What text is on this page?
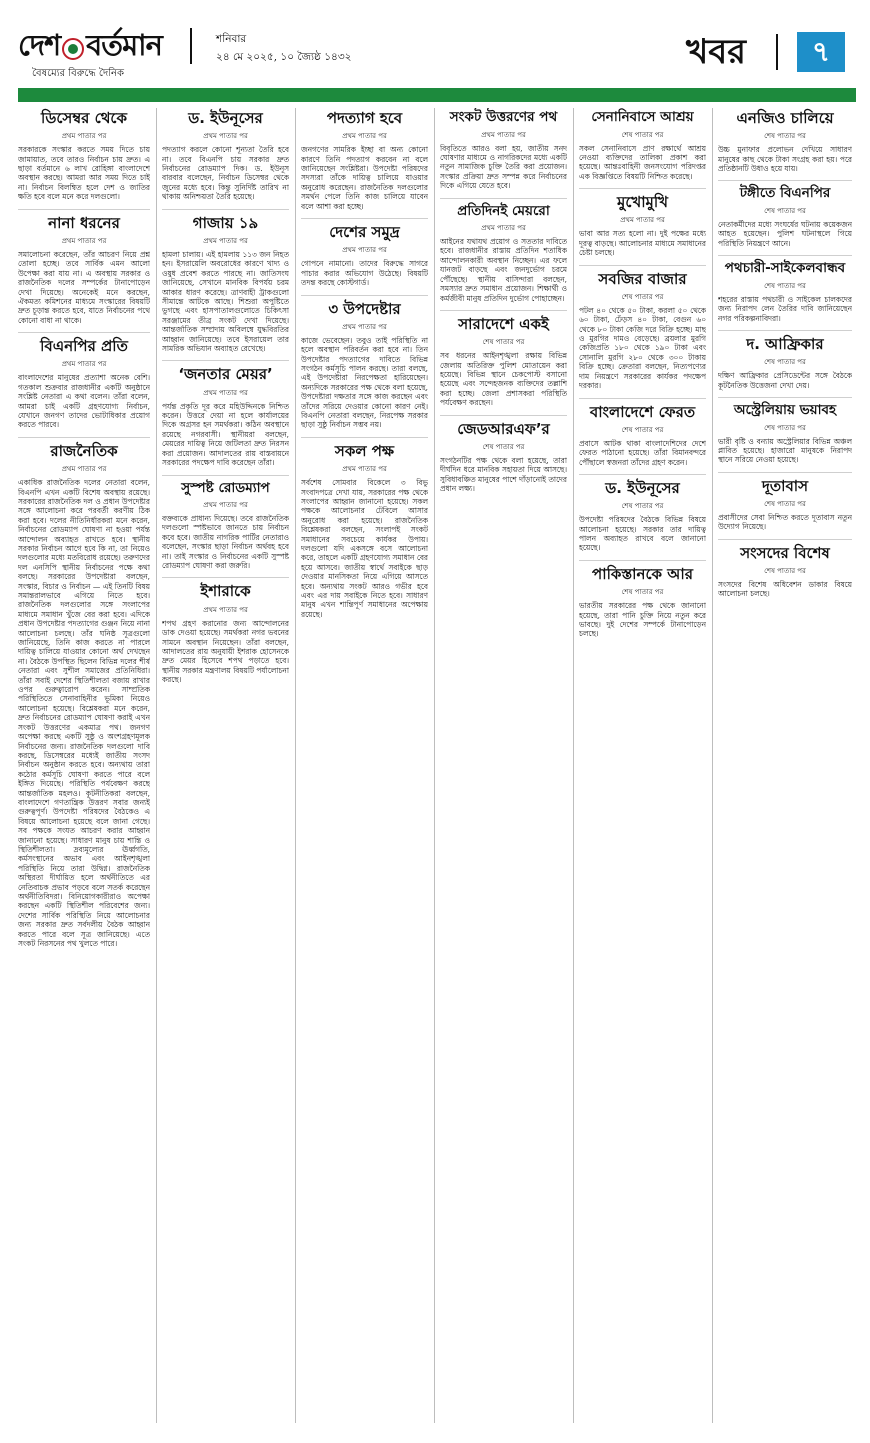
দেশ বর্তমান
বৈষম্যের বিরুদ্ধে দৈনিক
শনিবার
২৪ মে ২০২৫, ১০ জ্যৈষ্ঠ ১৪৩২	খবর	৭
ডিসেম্বর থেকে
প্রথম পাতার পর
সরকারকে সংস্কার করতে সময় দিতে চায় জামায়াত, তবে তারও নির্বাচন চায় দ্রুত। এ ছাড়া বর্তমানে ৬ লাখ রোহিঙ্গা বাংলাদেশে অবস্থান করছে। আমরা আর সময় দিতে চাই না। নির্বাচন বিলম্বিত হলে দেশ ও জাতির ক্ষতি হবে বলে মনে করে দলগুলো।
নানা ধরনের
প্রথম পাতার পর
সমালোচনা করেছেন, তাঁর আচরণ নিয়ে প্রশ্ন তোলা হচ্ছে। তবে সার্বিক এমন আলো উপেক্ষা করা যায় না। এ অবস্থায় সরকার ও রাজনৈতিক দলের সম্পর্কের টানাপোড়েন দেখা দিয়েছে। অনেকেই মনে করছেন, ঐকমত্য কমিশনের মাধ্যমে সংস্কারের বিষয়টি দ্রুত চূড়ান্ত করতে হবে, যাতে নির্বাচনের পথে কোনো বাধা না থাকে।
বিএনপির প্রতি
প্রথম পাতার পর
বাংলাদেশের মানুষের প্রত্যাশা অনেক বেশি। গতকাল শুক্রবার রাজধানীর একটি অনুষ্ঠানে সংশ্লিষ্ট নেতারা এ কথা বলেন। তাঁরা বলেন, আমরা চাই একটি গ্রহণযোগ্য নির্বাচন, যেখানে জনগণ তাদের ভোটাধিকার প্রয়োগ করতে পারবে।
রাজনৈতিক
প্রথম পাতার পর
একাধিক রাজনৈতিক দলের নেতারা বলেন, বিএনপি এখন একটি বিশেষ অবস্থায় রয়েছে। সরকারের রাজনৈতিক দল ও প্রধান উপদেষ্টার সঙ্গে আলোচনা করে পরবর্তী করণীয় ঠিক করা হবে। দলের নীতিনির্ধারকরা মনে করেন, নির্বাচনের রোডম্যাপ ঘোষণা না হওয়া পর্যন্ত আন্দোলন অব্যাহত রাখতে হবে। স্থানীয় সরকার নির্বাচন আগে হবে কি না, তা নিয়েও দলগুলোর মধ্যে মতবিরোধ রয়েছে। তরুণদের দল এনসিপি স্থানীয় নির্বাচনের পক্ষে কথা বলছে। সরকারের উপদেষ্টারা বলছেন, সংস্কার, বিচার ও নির্বাচন — এই তিনটি বিষয় সমান্তরালভাবে এগিয়ে নিতে হবে। রাজনৈতিক দলগুলোর সঙ্গে সংলাপের মাধ্যমে সমাধান খুঁজে বের করা হবে। এদিকে প্রধান উপদেষ্টার পদত্যাগের গুঞ্জন নিয়ে নানা আলোচনা চলছে। তাঁর ঘনিষ্ঠ সূত্রগুলো জানিয়েছে, তিনি কাজ করতে না পারলে দায়িত্ব চালিয়ে যাওয়ার কোনো অর্থ দেখছেন না। বৈঠকে উপস্থিত ছিলেন বিভিন্ন দলের শীর্ষ নেতারা এবং সুশীল সমাজের প্রতিনিধিরা। তাঁরা সবাই দেশের স্থিতিশীলতা বজায় রাখার ওপর গুরুত্বারোপ করেন। সাম্প্রতিক পরিস্থিতিতে সেনাবাহিনীর ভূমিকা নিয়েও আলোচনা হয়েছে। বিশ্লেষকরা মনে করেন, দ্রুত নির্বাচনের রোডম্যাপ ঘোষণা করাই এখন সংকট উত্তরণের একমাত্র পথ। জনগণ অপেক্ষা করছে একটি সুষ্ঠু ও অংশগ্রহণমূলক নির্বাচনের জন্য। রাজনৈতিক দলগুলো দাবি করছে, ডিসেম্বরের মধ্যেই জাতীয় সংসদ নির্বাচন অনুষ্ঠান করতে হবে। অন্যথায় তারা কঠোর কর্মসূচি ঘোষণা করতে পারে বলে ইঙ্গিত দিয়েছে। পরিস্থিতি পর্যবেক্ষণ করছে আন্তর্জাতিক মহলও। কূটনীতিকরা বলছেন, বাংলাদেশে গণতান্ত্রিক উত্তরণ সবার জন্যই গুরুত্বপূর্ণ। উপদেষ্টা পরিষদের বৈঠকেও এ বিষয়ে আলোচনা হয়েছে বলে জানা গেছে। সব পক্ষকে সংযত আচরণ করার আহ্বান জানানো হয়েছে। সাধারণ মানুষ চায় শান্তি ও স্থিতিশীলতা। দ্রব্যমূল্যের ঊর্ধ্বগতি, কর্মসংস্থানের অভাব এবং আইনশৃঙ্খলা পরিস্থিতি নিয়ে তারা উদ্বিগ্ন। রাজনৈতিক অস্থিরতা দীর্ঘায়িত হলে অর্থনীতিতে এর নেতিবাচক প্রভাব পড়বে বলে সতর্ক করেছেন অর্থনীতিবিদরা। বিনিয়োগকারীরাও অপেক্ষা করছেন একটি স্থিতিশীল পরিবেশের জন্য। দেশের সার্বিক পরিস্থিতি নিয়ে আলোচনার জন্য সরকার দ্রুত সর্বদলীয় বৈঠক আহ্বান করতে পারে বলে সূত্র জানিয়েছে। এতে সংকট নিরসনের পথ খুলতে পারে।
ড. ইউনূসের
প্রথম পাতার পর
পদত্যাগ করলে কোনো শূন্যতা তৈরি হবে না। তবে বিএনপি চায় সরকার দ্রুত নির্বাচনের রোডম্যাপ দিক। ড. ইউনূস বারবার বলেছেন, নির্বাচন ডিসেম্বর থেকে জুনের মধ্যে হবে। কিন্তু সুনির্দিষ্ট তারিখ না থাকায় অনিশ্চয়তা তৈরি হয়েছে।
গাজায় ১৯
প্রথম পাতার পর
হামলা চালায়। এই হামলায় ১১৩ জন নিহত হন। ইসরায়েলি অবরোধের কারণে খাদ্য ও ওষুধ প্রবেশ করতে পারছে না। জাতিসংঘ জানিয়েছে, সেখানে মানবিক বিপর্যয় চরম আকার ধারণ করেছে। ত্রাণবাহী ট্রাকগুলো সীমান্তে আটকে আছে। শিশুরা অপুষ্টিতে ভুগছে এবং হাসপাতালগুলোতে চিকিৎসা সরঞ্জামের তীব্র সংকট দেখা দিয়েছে। আন্তর্জাতিক সম্প্রদায় অবিলম্বে যুদ্ধবিরতির আহ্বান জানিয়েছে। তবে ইসরায়েল তার সামরিক অভিযান অব্যাহত রেখেছে।
‘জনতার মেয়র’
প্রথম পাতার পর
পর্যন্ত প্রকৃতি দূর করে মহিউদ্দিনকে নিশ্চিত করেন। উত্তরে দেয়া না হলে কার্যালয়ের দিকে অগ্রসর হন সমর্থকরা। কঠিন অবস্থানে রয়েছে নগরবাসী। স্থানীয়রা বলছেন, মেয়রের দায়িত্ব নিয়ে জটিলতা দ্রুত নিরসন করা প্রয়োজন। আদালতের রায় বাস্তবায়নে সরকারের পদক্ষেপ দাবি করেছেন তাঁরা।
সুস্পষ্ট রোডম্যাপ
প্রথম পাতার পর
বক্তব্যকে প্রাধান্য দিয়েছে। তবে রাজনৈতিক দলগুলো স্পষ্টভাবে জানতে চায় নির্বাচন কবে হবে। জাতীয় নাগরিক পার্টির নেতারাও বলেছেন, সংস্কার ছাড়া নির্বাচন অর্থবহ হবে না। তাই সংস্কার ও নির্বাচনের একটি সুস্পষ্ট রোডম্যাপ ঘোষণা করা জরুরি।
ইশারাকে
প্রথম পাতার পর
শপথ গ্রহণ করানোর জন্য আন্দোলনের ডাক দেওয়া হয়েছে। সমর্থকরা নগর ভবনের সামনে অবস্থান নিয়েছেন। তাঁরা বলছেন, আদালতের রায় অনুযায়ী ইশরাক হোসেনকে দ্রুত মেয়র হিসেবে শপথ পড়াতে হবে। স্থানীয় সরকার মন্ত্রণালয় বিষয়টি পর্যালোচনা করছে।
পদত্যাগ হবে
প্রথম পাতার পর
জনগণের সামরিক ইচ্ছা বা অন্য কোনো কারণে তিনি পদত্যাগ করবেন না বলে জানিয়েছেন সংশ্লিষ্টরা। উপদেষ্টা পরিষদের সদস্যরা তাঁকে দায়িত্ব চালিয়ে যাওয়ার অনুরোধ করেছেন। রাজনৈতিক দলগুলোর সমর্থন পেলে তিনি কাজ চালিয়ে যাবেন বলে আশা করা হচ্ছে।
দেশের সমুদ্র
প্রথম পাতার পর
গোপনে নামানো। তাদের বিরুদ্ধে সাগরে পাচার করার অভিযোগ উঠেছে। বিষয়টি তদন্ত করছে কোস্টগার্ড।
৩ উপদেষ্টার
প্রথম পাতার পর
কাজে ভেবেছেন। তবুও তাই পরিস্থিতি না হলে অবস্থান পরিবর্তন করা হবে না। তিন উপদেষ্টার পদত্যাগের দাবিতে বিভিন্ন সংগঠন কর্মসূচি পালন করছে। তারা বলছে, এই উপদেষ্টারা নিরপেক্ষতা হারিয়েছেন। অন্যদিকে সরকারের পক্ষ থেকে বলা হয়েছে, উপদেষ্টারা দক্ষতার সঙ্গে কাজ করছেন এবং তাঁদের সরিয়ে দেওয়ার কোনো কারণ নেই। বিএনপি নেতারা বলছেন, নিরপেক্ষ সরকার ছাড়া সুষ্ঠু নির্বাচন সম্ভব নয়।
সকল পক্ষ
প্রথম পাতার পর
সর্বশেষ সোমবার বিকেলে ৩ বিভু সংবাদপত্রে দেখা যায়, সরকারের পক্ষ থেকে সংলাপের আহ্বান জানানো হয়েছে। সকল পক্ষকে আলোচনার টেবিলে আসার অনুরোধ করা হয়েছে। রাজনৈতিক বিশ্লেষকরা বলছেন, সংলাপই সংকট সমাধানের সবচেয়ে কার্যকর উপায়। দলগুলো যদি একসঙ্গে বসে আলোচনা করে, তাহলে একটি গ্রহণযোগ্য সমাধান বের হয়ে আসবে। জাতীয় স্বার্থে সবাইকে ছাড় দেওয়ার মানসিকতা নিয়ে এগিয়ে আসতে হবে। অন্যথায় সংকট আরও গভীর হবে এবং এর দায় সবাইকে নিতে হবে। সাধারণ মানুষ এখন শান্তিপূর্ণ সমাধানের অপেক্ষায় রয়েছে।
সংকট উত্তরণের পথ
প্রথম পাতার পর
বিবৃতিতে আরও বলা হয়, জাতীয় সনদ ঘোষণার মাধ্যমে ও নাগরিকদের মধ্যে একটি নতুন সামাজিক চুক্তি তৈরি করা প্রয়োজন। সংস্কার প্রক্রিয়া দ্রুত সম্পন্ন করে নির্বাচনের দিকে এগিয়ে যেতে হবে।
প্রতিদিনই মেয়রো
প্রথম পাতার পর
আইনের যথাযথ প্রয়োগ ও সততার দাবিতে হবে। রাজধানীর রাস্তায় প্রতিদিন শতাধিক আন্দোলনকারী অবস্থান নিচ্ছেন। এর ফলে যানজট বাড়ছে এবং জনদুর্ভোগ চরমে পৌঁছেছে। স্থানীয় বাসিন্দারা বলছেন, সমস্যার দ্রুত সমাধান প্রয়োজন। শিক্ষার্থী ও কর্মজীবী মানুষ প্রতিদিন দুর্ভোগ পোহাচ্ছেন।
সারাদেশে একই
শেষ পাতার পর
সব ধরনের আইনশৃঙ্খলা রক্ষায় বিভিন্ন জেলায় অতিরিক্ত পুলিশ মোতায়েন করা হয়েছে। বিভিন্ন স্থানে চেকপোস্ট বসানো হয়েছে এবং সন্দেহজনক ব্যক্তিদের তল্লাশি করা হচ্ছে। জেলা প্রশাসকরা পরিস্থিতি পর্যবেক্ষণ করছেন।
জেডআরএফ’র
শেষ পাতার পর
সংগঠনটির পক্ষ থেকে বলা হয়েছে, তারা দীর্ঘদিন ধরে মানবিক সহায়তা দিয়ে আসছে। সুবিধাবঞ্চিত মানুষের পাশে দাঁড়ানোই তাদের প্রধান লক্ষ্য।
সেনানিবাসে আশ্রয়
শেষ পাতার পর
সকল সেনানিবাসে প্রাণ রক্ষার্থে আশ্রয় নেওয়া ব্যক্তিদের তালিকা প্রকাশ করা হয়েছে। আন্তঃবাহিনী জনসংযোগ পরিদপ্তর এক বিজ্ঞপ্তিতে বিষয়টি নিশ্চিত করেছে।
মুখোমুখি
প্রথম পাতার পর
ভাবা আর সত্য হলো না। দুই পক্ষের মধ্যে দূরত্ব বাড়ছে। আলোচনার মাধ্যমে সমাধানের চেষ্টা চলছে।
সবজির বাজার
শেষ পাতার পর
পটল ৪০ থেকে ৫০ টাকা, করলা ৫০ থেকে ৬০ টাকা, ঢেঁড়স ৪০ টাকা, বেগুন ৬০ থেকে ৮০ টাকা কেজি দরে বিক্রি হচ্ছে। মাছ ও মুরগির দামও বেড়েছে। ব্রয়লার মুরগি কেজিপ্রতি ১৮০ থেকে ১৯০ টাকা এবং সোনালি মুরগি ২৮০ থেকে ৩০০ টাকায় বিক্রি হচ্ছে। ক্রেতারা বলছেন, নিত্যপণ্যের দাম নিয়ন্ত্রণে সরকারের কার্যকর পদক্ষেপ দরকার।
বাংলাদেশে ফেরত
শেষ পাতার পর
প্রবাসে আটক থাকা বাংলাদেশিদের দেশে ফেরত পাঠানো হয়েছে। তাঁরা বিমানবন্দরে পৌঁছালে স্বজনরা তাঁদের গ্রহণ করেন।
ড. ইউনূসের
শেষ পাতার পর
উপদেষ্টা পরিষদের বৈঠকে বিভিন্ন বিষয়ে আলোচনা হয়েছে। সরকার তার দায়িত্ব পালন অব্যাহত রাখবে বলে জানানো হয়েছে।
পাকিস্তানকে আর
শেষ পাতার পর
ভারতীয় সরকারের পক্ষ থেকে জানানো হয়েছে, তারা পানি চুক্তি নিয়ে নতুন করে ভাবছে। দুই দেশের সম্পর্কে টানাপোড়েন চলছে।
এনজিও চালিয়ে
শেষ পাতার পর
উচ্চ মুনাফার প্রলোভন দেখিয়ে সাধারণ মানুষের কাছ থেকে টাকা সংগ্রহ করা হয়। পরে প্রতিষ্ঠানটি উধাও হয়ে যায়।
টঙ্গীতে বিএনপির
শেষ পাতার পর
নেতাকর্মীদের মধ্যে সংঘর্ষের ঘটনায় কয়েকজন আহত হয়েছেন। পুলিশ ঘটনাস্থলে গিয়ে পরিস্থিতি নিয়ন্ত্রণে আনে।
পথচারী-সাইকেলবান্ধব
শেষ পাতার পর
শহরের রাস্তায় পথচারী ও সাইকেল চালকদের জন্য নিরাপদ লেন তৈরির দাবি জানিয়েছেন নগর পরিকল্পনাবিদরা।
দ. আফ্রিকার
শেষ পাতার পর
দক্ষিণ আফ্রিকার প্রেসিডেন্টের সঙ্গে বৈঠকে কূটনৈতিক উত্তেজনা দেখা দেয়।
অস্ট্রেলিয়ায় ভয়াবহ
শেষ পাতার পর
ভারী বৃষ্টি ও বন্যায় অস্ট্রেলিয়ার বিভিন্ন অঞ্চল প্লাবিত হয়েছে। হাজারো মানুষকে নিরাপদ স্থানে সরিয়ে নেওয়া হয়েছে।
দূতাবাস
শেষ পাতার পর
প্রবাসীদের সেবা নিশ্চিত করতে দূতাবাস নতুন উদ্যোগ নিয়েছে।
সংসদের বিশেষ
শেষ পাতার পর
সংসদের বিশেষ অধিবেশন ডাকার বিষয়ে আলোচনা চলছে।
